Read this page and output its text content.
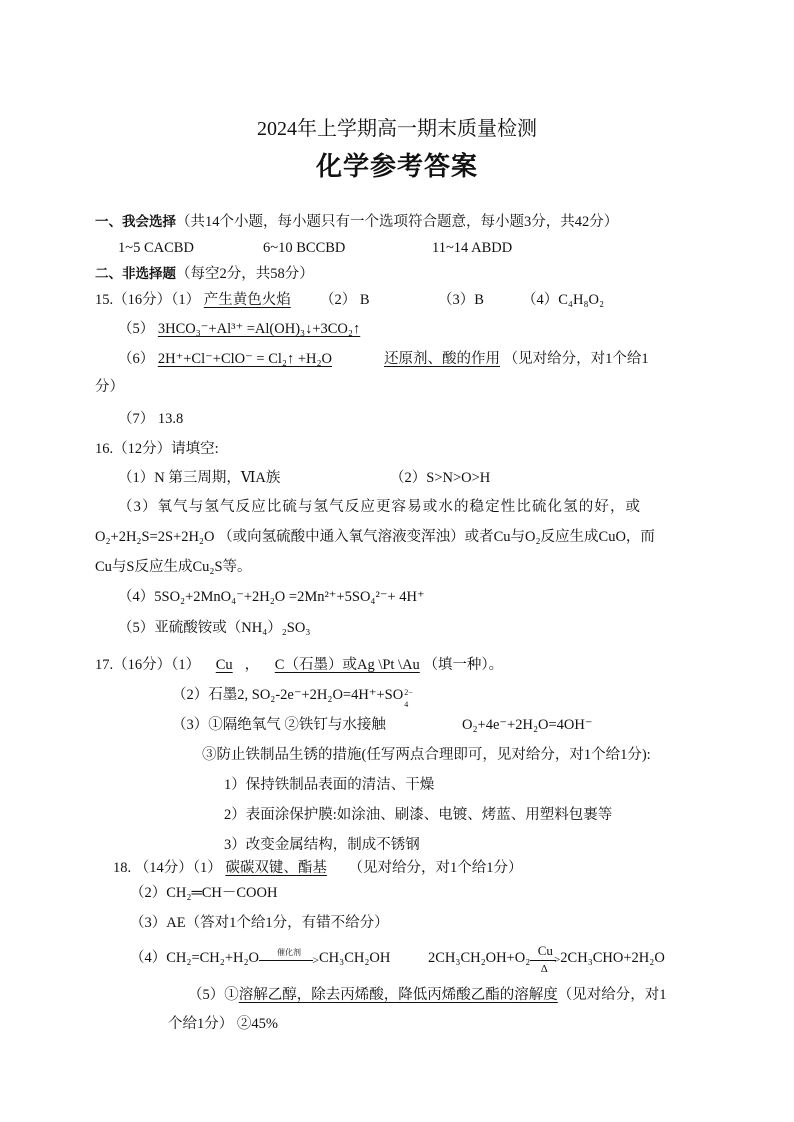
2024年上学期高一期末质量检测
化学参考答案
一、我会选择（共14个小题，每小题只有一个选项符合题意，每小题3分，共42分）
1~5 CACBD	6~10 BCCBD	11~14 ABDD
二、非选择题（每空2分，共58分）
15.（16分）（1） 产生黄色火焰 （2） B	（3）B	（4）C₄H₈O₂
（5） 3HCO₃⁻+Al³⁺ =Al(OH)₃↓+3CO₂↑
（6） 2H⁺+Cl⁻+ClO⁻ = Cl₂↑ +H₂O	还原剂、酸的作用 （见对给分，对1个给1
分）
（7） 13.8
16.（12分）请填空:
（1）N 第三周期，ⅥA族	（2）S>N>O>H
（3）氧气与氢气反应比硫与氢气反应更容易或水的稳定性比硫化氢的好，或
O₂+2H₂S=2S+2H₂O （或向氢硫酸中通入氧气溶液变浑浊）或者Cu与O₂反应生成CuO，而
Cu与S反应生成Cu₂S等。
（4）5SO₂+2MnO₄⁻+2H₂O =2Mn²⁺+5SO₄²⁻+ 4H⁺
（5）亚硫酸铵或（NH₄）₂SO₃
17.（16分）（1） Cu ， C（石墨）或Ag \Pt \Au （填一种）。
（2）石墨2, SO₂-2e⁻+2H₂O=4H⁺+SO 2−
4
（3）①隔绝氧气 ②铁钉与水接触	O₂+4e⁻+2H₂O=4OH⁻
③防止铁制品生锈的措施(任写两点合理即可，见对给分，对1个给1分):
1）保持铁制品表面的清洁、干燥
2）表面涂保护膜:如涂油、刷漆、电镀、烤蓝、用塑料包裹等
3）改变金属结构，制成不锈钢
18. （14分）（1） 碳碳双键、酯基 （见对给分，对1个给1分）
（2）CH₂═CH－COOH
（3）AE（答对1个给1分，有错不给分）
（4）CH₂=CH₂+H₂O	催化剂
> CH₃CH₂OH	2CH₃CH₂OH+O₂ Cu
>
Δ
2CH₃CHO+2H₂O
（5）①溶解乙醇，除去丙烯酸，降低丙烯酸乙酯的溶解度（见对给分，对1
个给1分） ②45%
